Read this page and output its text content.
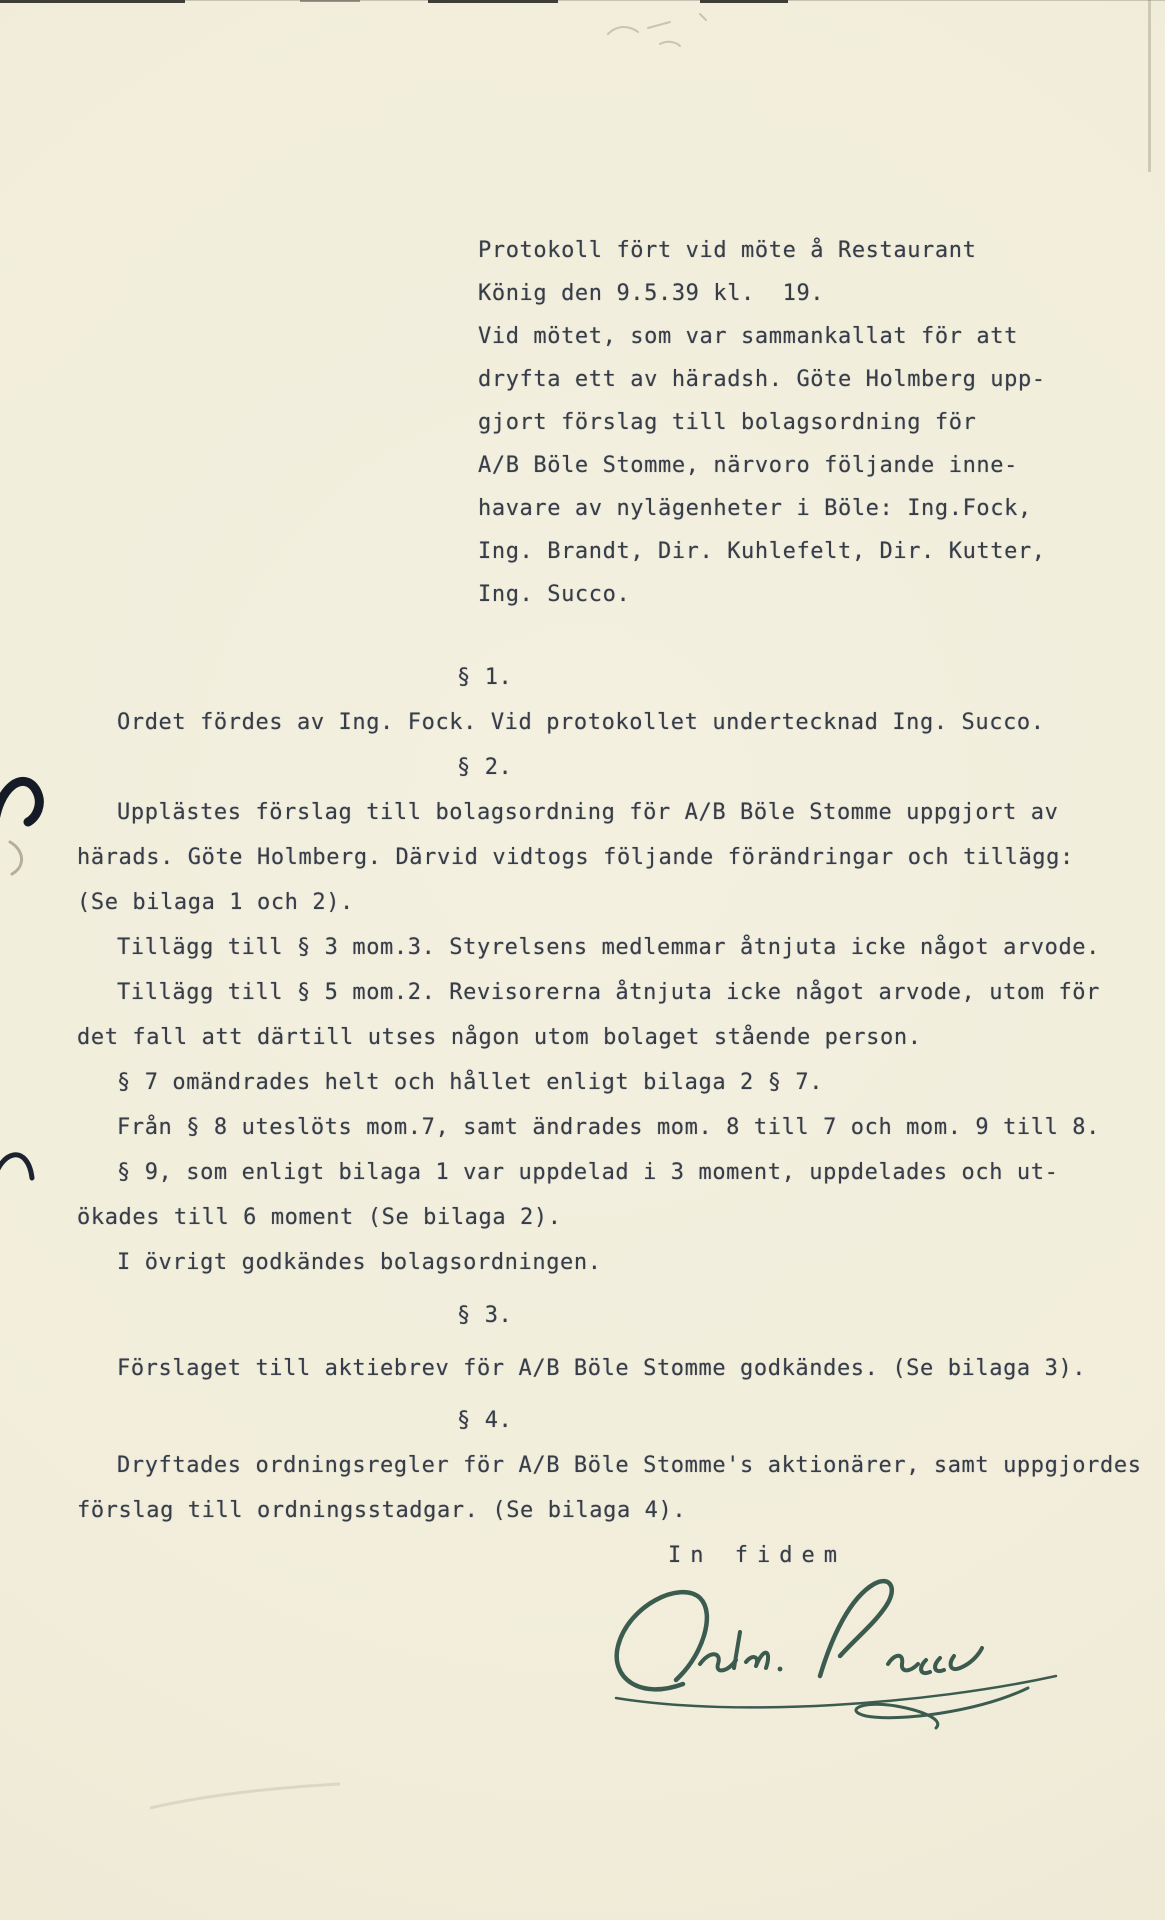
Protokoll fört vid möte å Restaurant
König den 9.5.39 kl.  19.
Vid mötet, som var sammankallat för att
dryfta ett av häradsh. Göte Holmberg upp-
gjort förslag till bolagsordning för
A/B Böle Stomme, närvoro följande inne-
havare av nylägenheter i Böle: Ing.Fock,
Ing. Brandt, Dir. Kuhlefelt, Dir. Kutter,
Ing. Succo.
§ 1.
Ordet fördes av Ing. Fock. Vid protokollet undertecknad Ing. Succo.
§ 2.
Upplästes förslag till bolagsordning för A/B Böle Stomme uppgjort av
härads. Göte Holmberg. Därvid vidtogs följande förändringar och tillägg:
(Se bilaga 1 och 2).
Tillägg till § 3 mom.3. Styrelsens medlemmar åtnjuta icke något arvode.
Tillägg till § 5 mom.2. Revisorerna åtnjuta icke något arvode, utom för
det fall att därtill utses någon utom bolaget stående person.
§ 7 omändrades helt och hållet enligt bilaga 2 § 7.
Från § 8 uteslöts mom.7, samt ändrades mom. 8 till 7 och mom. 9 till 8.
§ 9, som enligt bilaga 1 var uppdelad i 3 moment, uppdelades och ut-
ökades till 6 moment (Se bilaga 2).
I övrigt godkändes bolagsordningen.
§ 3.
Förslaget till aktiebrev för A/B Böle Stomme godkändes. (Se bilaga 3).
§ 4.
Dryftades ordningsregler för A/B Böle Stomme's aktionärer, samt uppgjordes
förslag till ordningsstadgar. (Se bilaga 4).
In fidem
